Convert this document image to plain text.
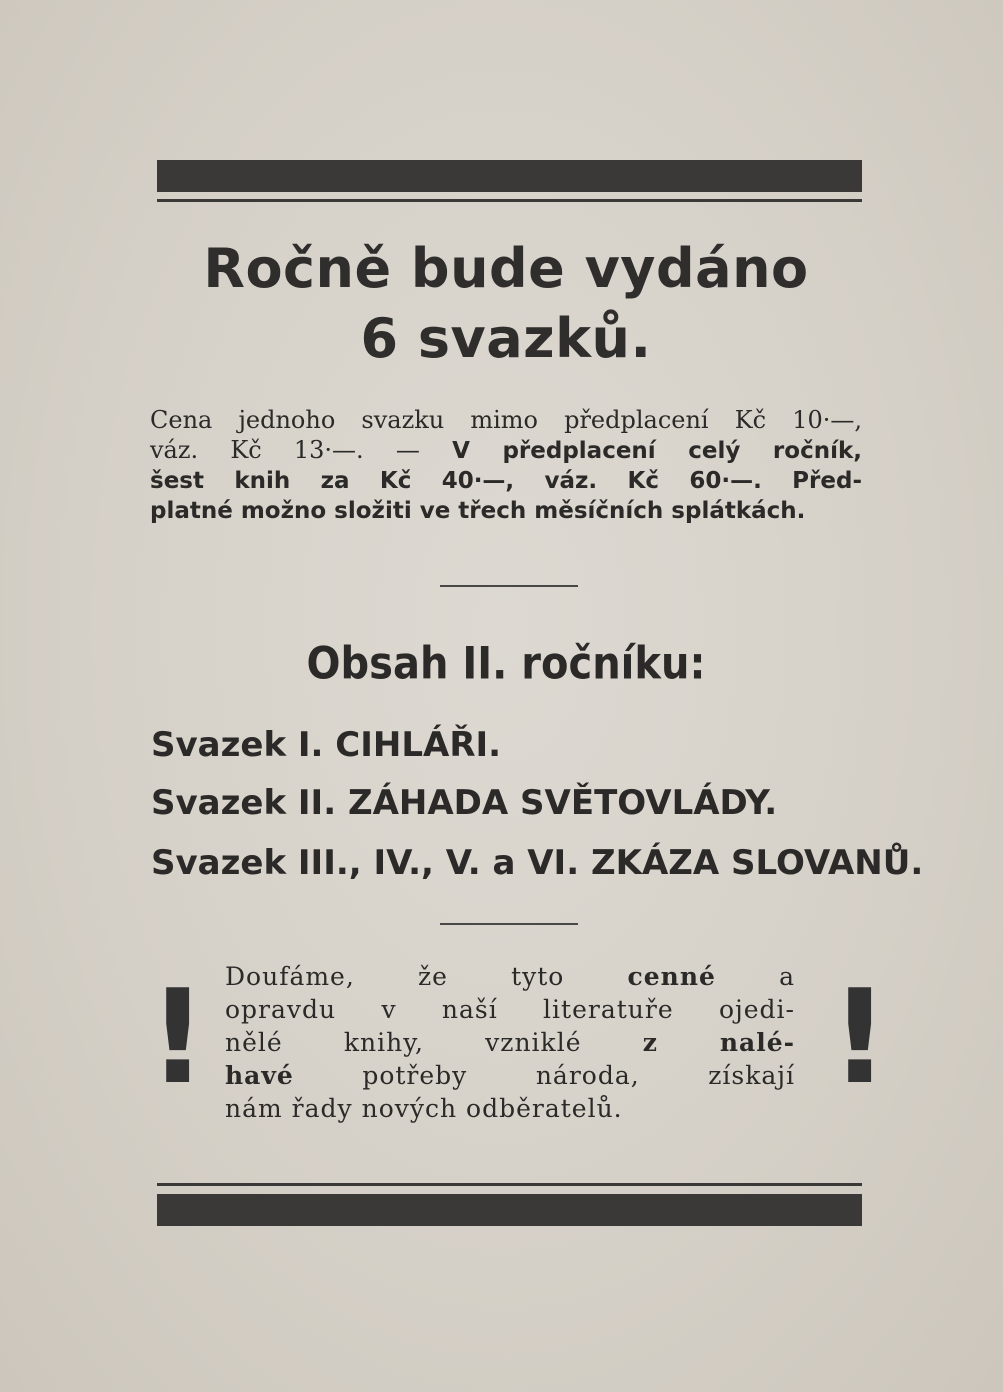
Ročně bude vydáno
6 svazků.

Cena jednoho svazku mimo předplacení Kč 10·—,

váz. Kč 13·—. — V předplacení celý ročník,

šest knih za Kč 40·—, váz. Kč 60·—. Před-

platné možno složiti ve třech měsíčních splátkách.

Obsah II. ročníku:
Svazek I. CIHLÁŘI.
Svazek II. ZÁHADA SVĚTOVLÁDY.
Svazek III., IV., V. a VI. ZKÁZA SLOVANŮ.
!	!

Doufáme, že tyto	cenné	a

opravdu v naší literatuře ojedi-

nělé knihy, vzniklé z nalé-

havé	potřeby národa, získají

nám řady nových odběratelů.
